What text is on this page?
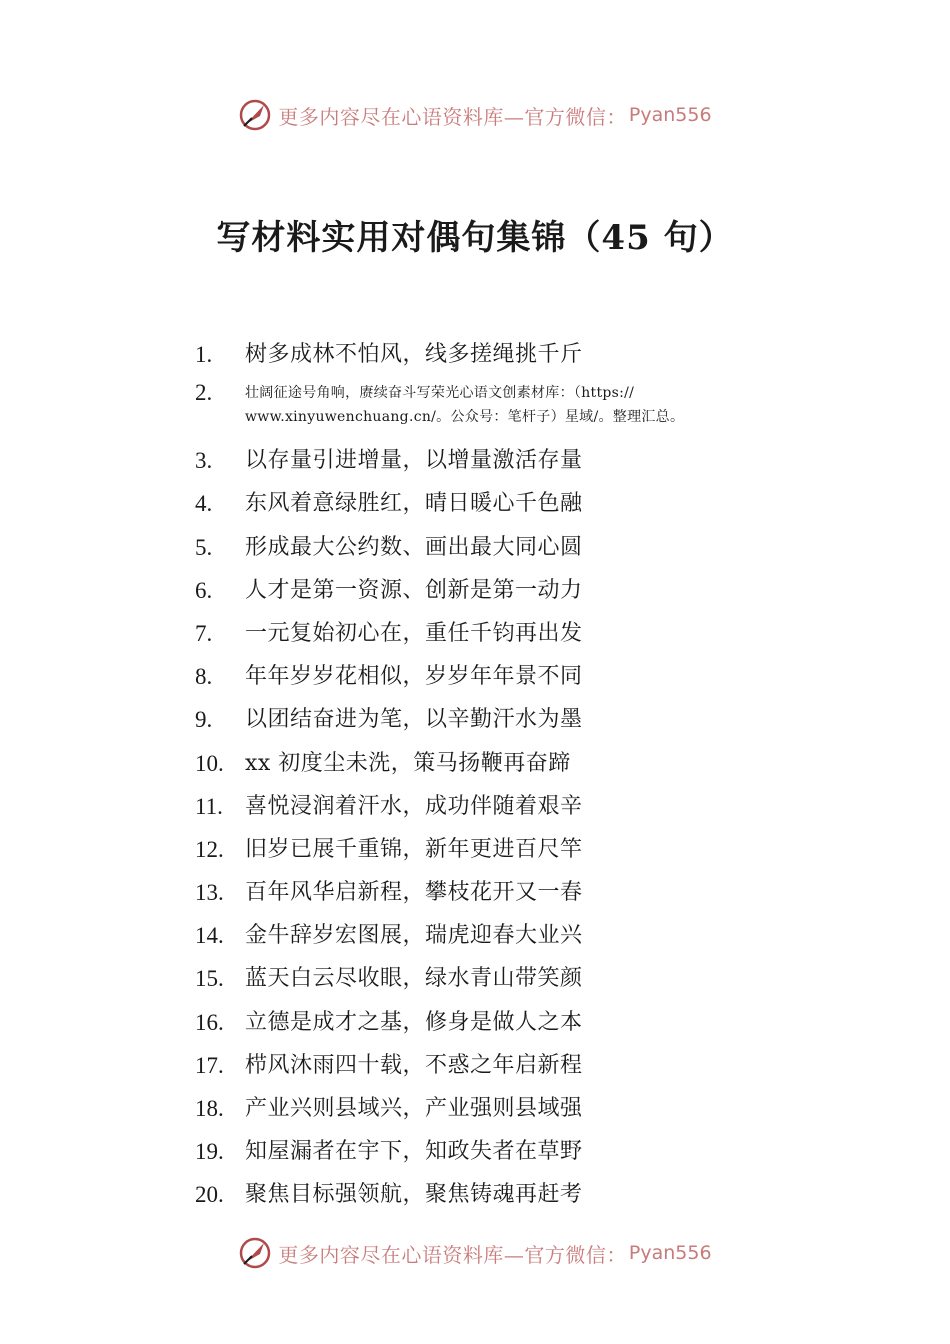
更多内容尽在心语资料库—官方微信： Pyan556
写材料实用对偶句集锦（45 句）
1.	树多成林不怕风，线多搓绳挑千斤
2.	壮阔征途号角响，赓续奋斗写荣光心语文创素材库：（https:// www.xinyuwenchuang.cn/。公众号：笔杆子）星域/。整理汇总。
3.	以存量引进增量，以增量激活存量
4.	东风着意绿胜红，晴日暖心千色融
5.	形成最大公约数、画出最大同心圆
6.	人才是第一资源、创新是第一动力
7.	一元复始初心在，重任千钧再出发
8.	年年岁岁花相似，岁岁年年景不同
9.	以团结奋进为笔，以辛勤汗水为墨
10. xx 初度尘未洗，策马扬鞭再奋蹄
11.	喜悦浸润着汗水，成功伴随着艰辛
12. 旧岁已展千重锦，新年更进百尺竿
13. 百年风华启新程，攀枝花开又一春
14. 金牛辞岁宏图展，瑞虎迎春大业兴
15. 蓝天白云尽收眼，绿水青山带笑颜
16. 立德是成才之基，修身是做人之本
17. 栉风沐雨四十载，不惑之年启新程
18. 产业兴则县域兴，产业强则县域强
19. 知屋漏者在宇下，知政失者在草野
20. 聚焦目标强领航，聚焦铸魂再赶考
更多内容尽在心语资料库—官方微信： Pyan556
